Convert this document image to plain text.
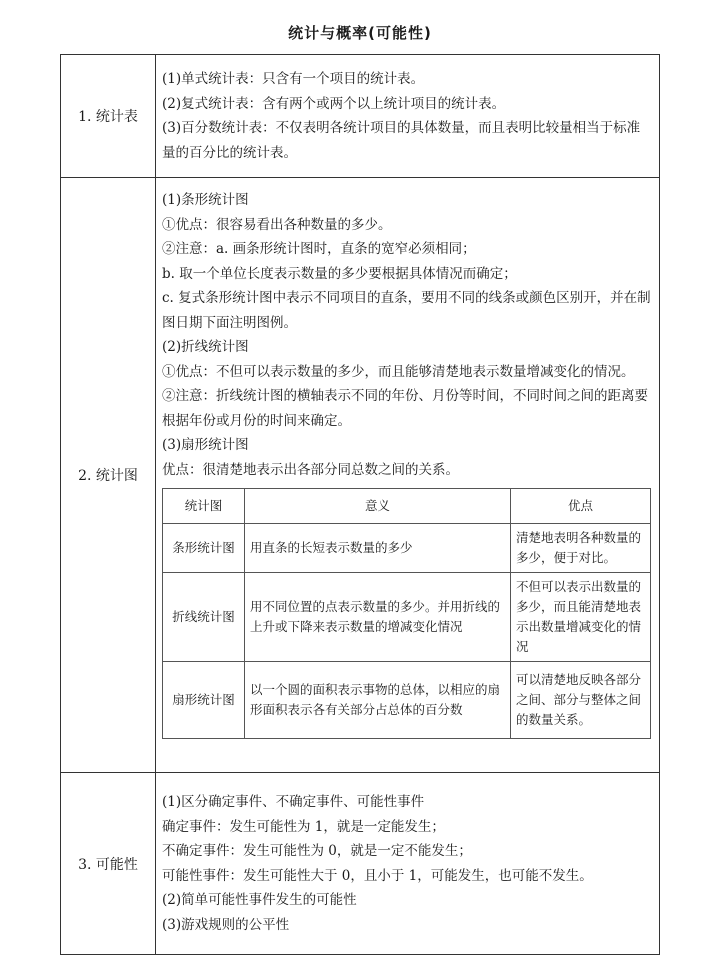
统计与概率(可能性)
1. 统计表	
(1)单式统计表：只含有一个项目的统计表。
(2)复式统计表：含有两个或两个以上统计项目的统计表。
(3)百分数统计表：不仅表明各统计项目的具体数量，而且表明比较量相当于标准量的百分比的统计表。

2. 统计图	
(1)条形统计图
①优点：很容易看出各种数量的多少。
②注意：a. 画条形统计图时，直条的宽窄必须相同；
b. 取一个单位长度表示数量的多少要根据具体情况而确定；
c. 复式条形统计图中表示不同项目的直条，要用不同的线条或颜色区别开，并在制图日期下面注明图例。
(2)折线统计图
①优点：不但可以表示数量的多少，而且能够清楚地表示数量增减变化的情况。
②注意：折线统计图的横轴表示不同的年份、月份等时间，不同时间之间的距离要根据年份或月份的时间来确定。
(3)扇形统计图
优点：很清楚地表示出各部分同总数之间的关系。
统计图	意义	优点
条形统计图	用直条的长短表示数量的多少	清楚地表明各种数量的多少，便于对比。
折线统计图	用不同位置的点表示数量的多少。并用折线的上升或下降来表示数量的增减变化情况	不但可以表示出数量的多少，而且能清楚地表示出数量增减变化的情况
扇形统计图	以一个圆的面积表示事物的总体，以相应的扇形面积表示各有关部分占总体的百分数	可以清楚地反映各部分之间、部分与整体之间的数量关系。

3. 可能性	
(1)区分确定事件、不确定事件、可能性事件
确定事件：发生可能性为 1，就是一定能发生；
不确定事件：发生可能性为 0，就是一定不能发生；
可能性事件：发生可能性大于 0，且小于 1，可能发生，也可能不发生。
(2)简单可能性事件发生的可能性
(3)游戏规则的公平性
